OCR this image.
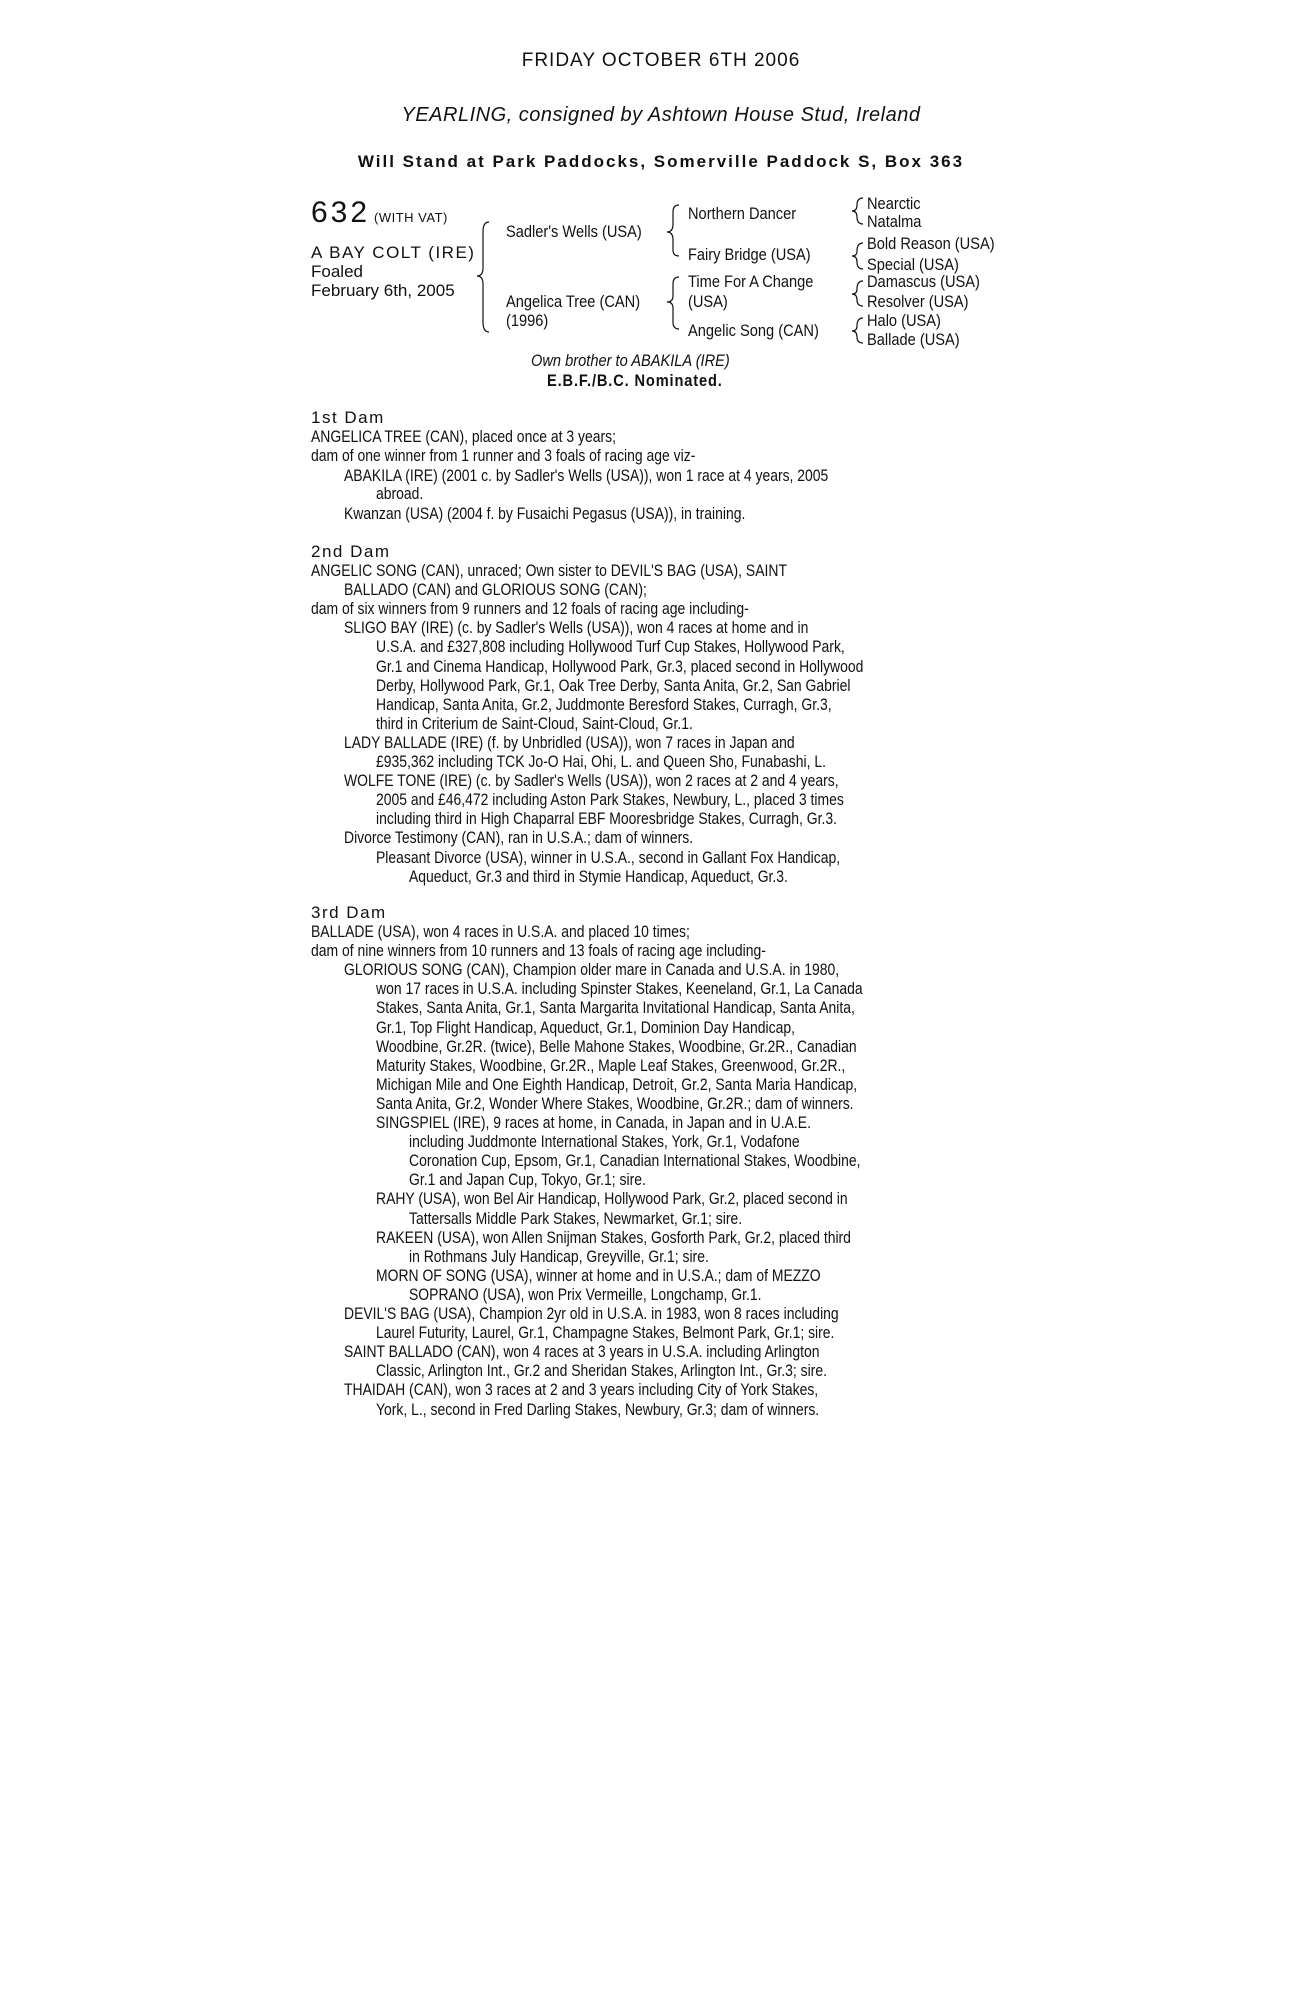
FRIDAY OCTOBER 6TH 2006
YEARLING, consigned by Ashtown House Stud, Ireland
Will Stand at Park Paddocks, Somerville Paddock S, Box 363
632 (WITH VAT)
A BAY COLT (IRE)
Foaled
February 6th, 2005
Sadler's Wells (USA)
Angelica Tree (CAN)
(1996)
Northern Dancer
Fairy Bridge (USA)
Time For A Change
(USA)
Angelic Song (CAN)
Nearctic
Natalma
Bold Reason (USA)
Special (USA)
Damascus (USA)
Resolver (USA)
Halo (USA)
Ballade (USA)
Own brother to ABAKILA (IRE)
E.B.F./B.C. Nominated.
1st Dam
ANGELICA TREE (CAN), placed once at 3 years;
dam of one winner from 1 runner and 3 foals of racing age viz-
ABAKILA (IRE) (2001 c. by Sadler's Wells (USA)), won 1 race at 4 years, 2005
abroad.
Kwanzan (USA) (2004 f. by Fusaichi Pegasus (USA)), in training.
2nd Dam
ANGELIC SONG (CAN), unraced; Own sister to DEVIL'S BAG (USA), SAINT
BALLADO (CAN) and GLORIOUS SONG (CAN);
dam of six winners from 9 runners and 12 foals of racing age including-
SLIGO BAY (IRE) (c. by Sadler's Wells (USA)), won 4 races at home and in
U.S.A. and £327,808 including Hollywood Turf Cup Stakes, Hollywood Park,
Gr.1 and Cinema Handicap, Hollywood Park, Gr.3, placed second in Hollywood
Derby, Hollywood Park, Gr.1, Oak Tree Derby, Santa Anita, Gr.2, San Gabriel
Handicap, Santa Anita, Gr.2, Juddmonte Beresford Stakes, Curragh, Gr.3,
third in Criterium de Saint-Cloud, Saint-Cloud, Gr.1.
LADY BALLADE (IRE) (f. by Unbridled (USA)), won 7 races in Japan and
£935,362 including TCK Jo-O Hai, Ohi, L. and Queen Sho, Funabashi, L.
WOLFE TONE (IRE) (c. by Sadler's Wells (USA)), won 2 races at 2 and 4 years,
2005 and £46,472 including Aston Park Stakes, Newbury, L., placed 3 times
including third in High Chaparral EBF Mooresbridge Stakes, Curragh, Gr.3.
Divorce Testimony (CAN), ran in U.S.A.; dam of winners.
Pleasant Divorce (USA), winner in U.S.A., second in Gallant Fox Handicap,
Aqueduct, Gr.3 and third in Stymie Handicap, Aqueduct, Gr.3.
3rd Dam
BALLADE (USA), won 4 races in U.S.A. and placed 10 times;
dam of nine winners from 10 runners and 13 foals of racing age including-
GLORIOUS SONG (CAN), Champion older mare in Canada and U.S.A. in 1980,
won 17 races in U.S.A. including Spinster Stakes, Keeneland, Gr.1, La Canada
Stakes, Santa Anita, Gr.1, Santa Margarita Invitational Handicap, Santa Anita,
Gr.1, Top Flight Handicap, Aqueduct, Gr.1, Dominion Day Handicap,
Woodbine, Gr.2R. (twice), Belle Mahone Stakes, Woodbine, Gr.2R., Canadian
Maturity Stakes, Woodbine, Gr.2R., Maple Leaf Stakes, Greenwood, Gr.2R.,
Michigan Mile and One Eighth Handicap, Detroit, Gr.2, Santa Maria Handicap,
Santa Anita, Gr.2, Wonder Where Stakes, Woodbine, Gr.2R.; dam of winners.
SINGSPIEL (IRE), 9 races at home, in Canada, in Japan and in U.A.E.
including Juddmonte International Stakes, York, Gr.1, Vodafone
Coronation Cup, Epsom, Gr.1, Canadian International Stakes, Woodbine,
Gr.1 and Japan Cup, Tokyo, Gr.1; sire.
RAHY (USA), won Bel Air Handicap, Hollywood Park, Gr.2, placed second in
Tattersalls Middle Park Stakes, Newmarket, Gr.1; sire.
RAKEEN (USA), won Allen Snijman Stakes, Gosforth Park, Gr.2, placed third
in Rothmans July Handicap, Greyville, Gr.1; sire.
MORN OF SONG (USA), winner at home and in U.S.A.; dam of MEZZO
SOPRANO (USA), won Prix Vermeille, Longchamp, Gr.1.
DEVIL'S BAG (USA), Champion 2yr old in U.S.A. in 1983, won 8 races including
Laurel Futurity, Laurel, Gr.1, Champagne Stakes, Belmont Park, Gr.1; sire.
SAINT BALLADO (CAN), won 4 races at 3 years in U.S.A. including Arlington
Classic, Arlington Int., Gr.2 and Sheridan Stakes, Arlington Int., Gr.3; sire.
THAIDAH (CAN), won 3 races at 2 and 3 years including City of York Stakes,
York, L., second in Fred Darling Stakes, Newbury, Gr.3; dam of winners.
